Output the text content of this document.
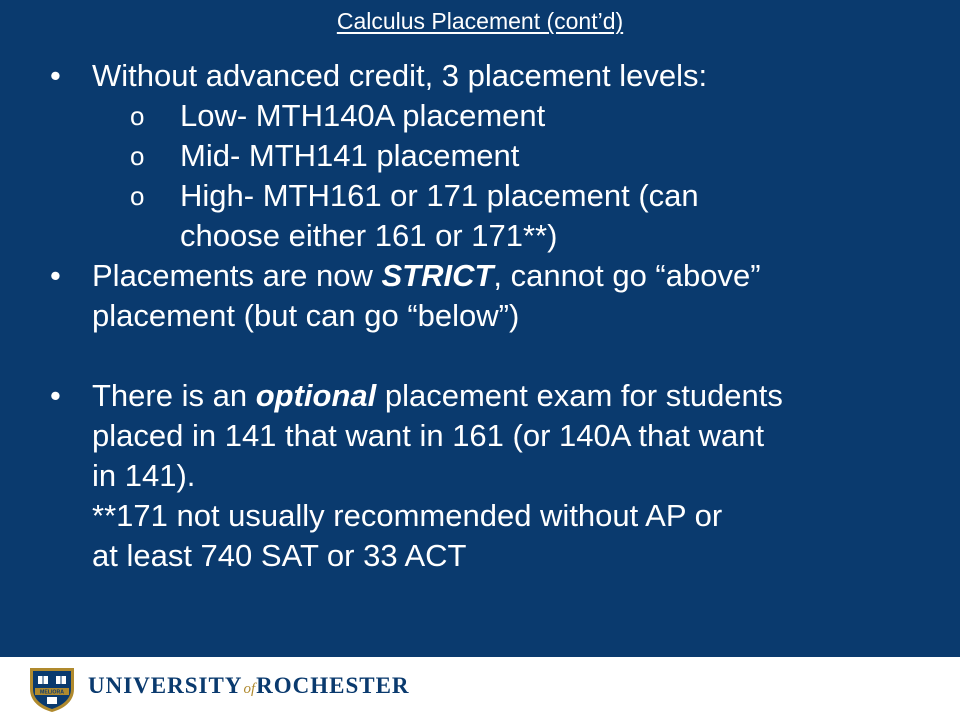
Calculus Placement (cont’d)
• Without advanced credit, 3 placement levels:
o Low- MTH140A placement
o Mid- MTH141 placement
o High- MTH161 or 171 placement (can
choose either 161 or 171**)
• Placements are now STRICT, cannot go “above”
placement (but can go “below”)
• There is an optional placement exam for students
placed in 141 that want in 161 (or 140A that want
in 141).
**171 not usually recommended without AP or
at least 740 SAT or 33 ACT
MELIORA UNIVERSITYofROCHESTER
